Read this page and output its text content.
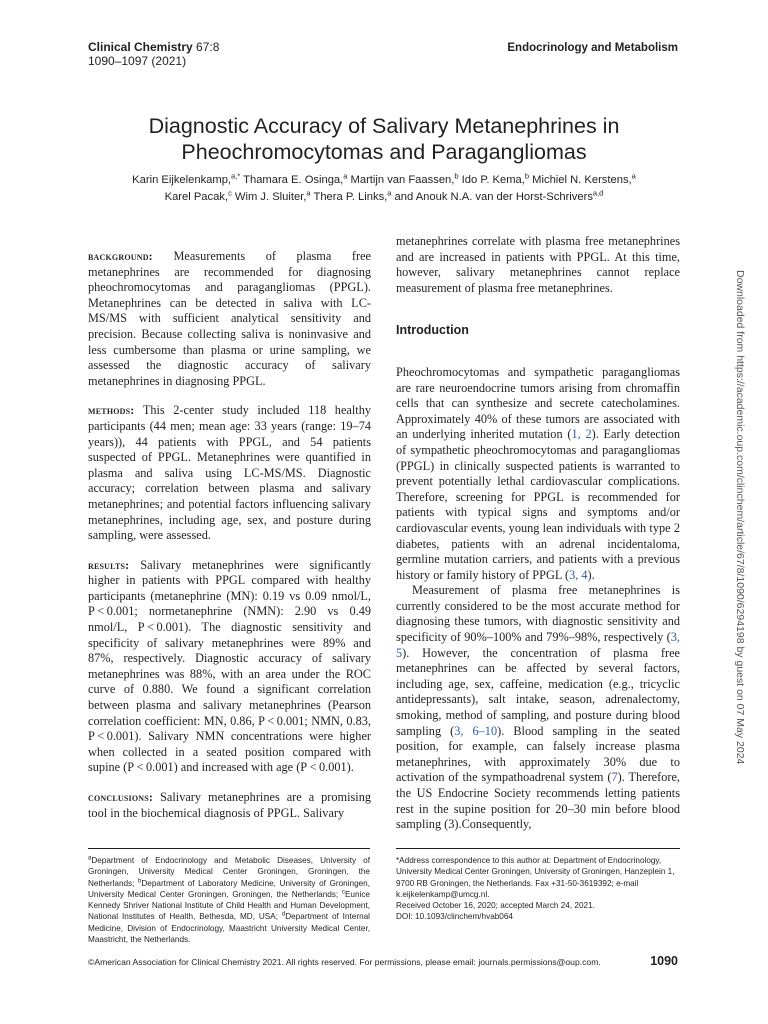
Clinical Chemistry 67:8
1090–1097 (2021)
Endocrinology and Metabolism
Diagnostic Accuracy of Salivary Metanephrines in
Pheochromocytomas and Paragangliomas
Karin Eijkelenkamp,$^{a,*}$ Thamara E. Osinga,$^a$ Martijn van Faassen,$^b$ Ido P. Kema,$^b$ Michiel N. Kerstens,$^a$
Karel Pacak,$^c$ Wim J. Sluiter,$^a$ Thera P. Links,$^a$ and Anouk N.A. van der Horst-Schrivers$^{a,d}$

background: Measurements of plasma free metanephrines are recommended for diagnosing pheochromocytomas and paragangliomas (PPGL). Metanephrines can be detected in saliva with LC-MS/MS with sufficient analytical sensitivity and precision. Because collecting saliva is noninvasive and less cumbersome than plasma or urine sampling, we assessed the diagnostic accuracy of salivary metanephrines in diagnosing PPGL.

methods: This 2-center study included 118 healthy participants (44 men; mean age: 33 years (range: 19–74 years)), 44 patients with PPGL, and 54 patients suspected of PPGL. Metanephrines were quantified in plasma and saliva using LC-MS/MS. Diagnostic accuracy; correlation between plasma and salivary metanephrines; and potential factors influencing salivary metanephrines, including age, sex, and posture during sampling, were assessed.

results: Salivary metanephrines were significantly higher in patients with PPGL compared with healthy participants (metanephrine (MN): 0.19 vs 0.09 nmol/L, P < 0.001; normetanephrine (NMN): 2.90 vs 0.49 nmol/L, P < 0.001). The diagnostic sensitivity and specificity of salivary metanephrines were 89% and 87%, respectively. Diagnostic accuracy of salivary metanephrines was 88%, with an area under the ROC curve of 0.880. We found a significant correlation between plasma and salivary metanephrines (Pearson correlation coefficient: MN, 0.86, P < 0.001; NMN, 0.83, P < 0.001). Salivary NMN concentrations were higher when collected in a seated position compared with supine (P < 0.001) and increased with age (P < 0.001).

conclusions: Salivary metanephrines are a promising tool in the biochemical diagnosis of PPGL. Salivary

metanephrines correlate with plasma free metanephrines and are increased in patients with PPGL. At this time, however, salivary metanephrines cannot replace measurement of plasma free metanephrines.

Introduction

Pheochromocytomas and sympathetic paragangliomas are rare neuroendocrine tumors arising from chromaffin cells that can synthesize and secrete catecholamines. Approximately 40% of these tumors are associated with an underlying inherited mutation (1, 2). Early detection of sympathetic pheochromocytomas and paragangliomas (PPGL) in clinically suspected patients is warranted to prevent potentially lethal cardiovascular complications. Therefore, screening for PPGL is recommended for patients with typical signs and symptoms and/or cardiovascular events, young lean individuals with type 2 diabetes, patients with an adrenal incidentaloma, germline mutation carriers, and patients with a previous history or family history of PPGL (3, 4).

Measurement of plasma free metanephrines is currently considered to be the most accurate method for diagnosing these tumors, with diagnostic sensitivity and specificity of 90%–100% and 79%–98%, respectively (3, 5). However, the concentration of plasma free metanephrines can be affected by several factors, including age, sex, caffeine, medication (e.g., tricyclic antidepressants), salt intake, season, adrenalectomy, smoking, method of sampling, and posture during blood sampling (3, 6–10). Blood sampling in the seated position, for example, can falsely increase plasma metanephrines, with approximately 30% due to activation of the sympathoadrenal system (7). Therefore, the US Endocrine Society recommends letting patients rest in the supine position for 20–30 min before blood sampling (3).Consequently,

Downloaded from https://academic.oup.com/clinchem/article/67/8/1090/6294198 by guest on 07 May 2024
$^a$Department of Endocrinology and Metabolic Diseases, University of Groningen, University Medical Center Groningen, Groningen, the Netherlands; $^b$Department of Laboratory Medicine, University of Groningen, University Medical Center Groningen, Groningen, the Netherlands; $^c$Eunice Kennedy Shriver National Institute of Child Health and Human Development, National Institutes of Health, Bethesda, MD, USA; $^d$Department of Internal Medicine, Division of Endocrinology, Maastricht University Medical Center, Maastricht, the Netherlands.
*Address correspondence to this author at: Department of Endocrinology, University Medical Center Groningen, University of Groningen, Hanzeplein 1, 9700 RB Groningen, the Netherlands. Fax +31-50-3619392; e-mail k.eijkelenkamp@umcg.nl.
Received October 16, 2020; accepted March 24, 2021.
DOI: 10.1093/clinchem/hvab064
©American Association for Clinical Chemistry 2021. All rights reserved. For permissions, please email: journals.permissions@oup.com.	1090
